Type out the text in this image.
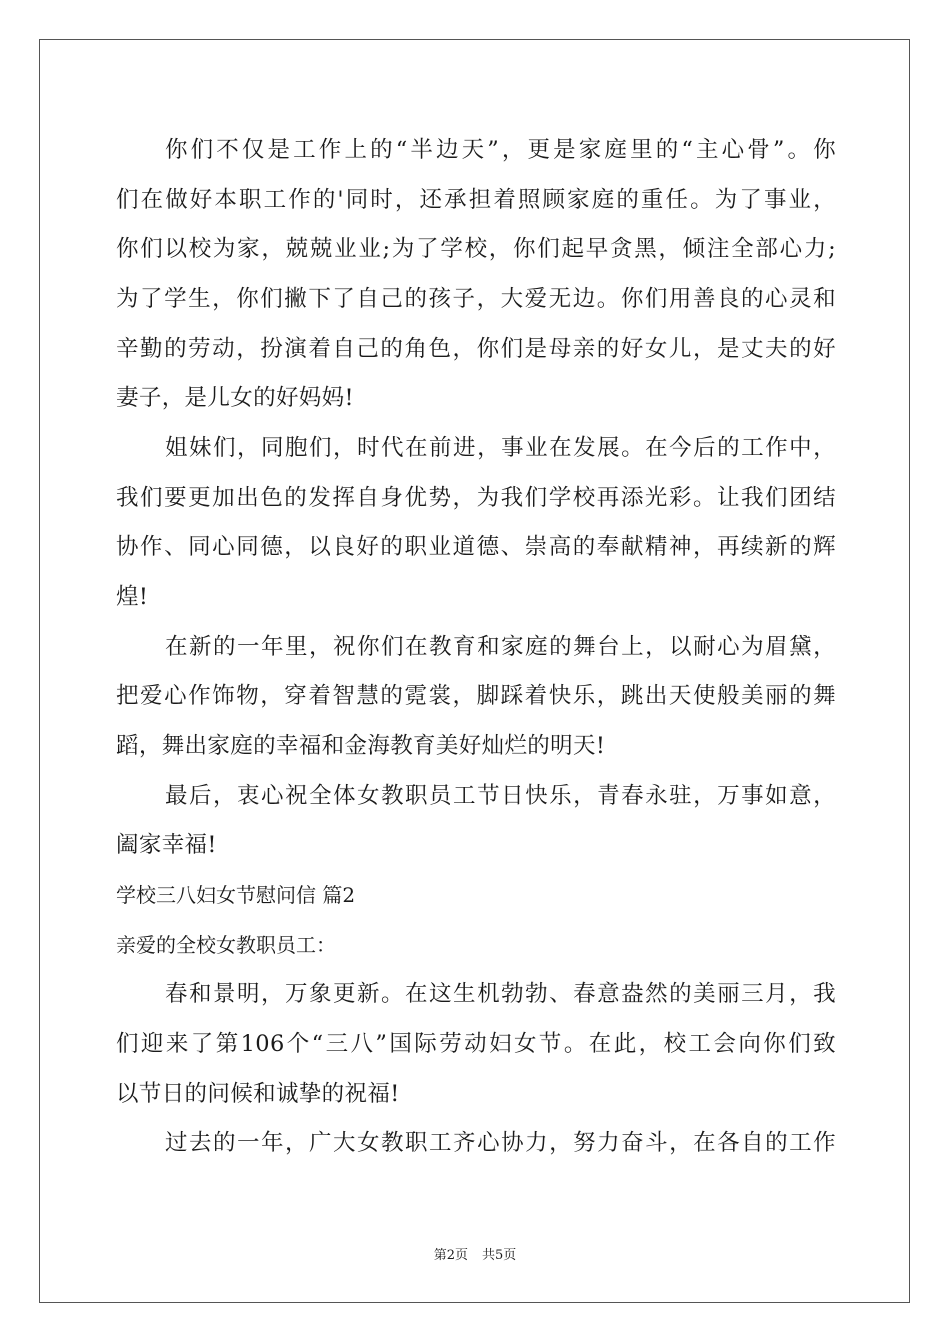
你们不仅是工作上的“半边天”，更是家庭里的“主心骨”。你
们在做好本职工作的'同时，还承担着照顾家庭的重任。为了事业，
你们以校为家，兢兢业业;为了学校，你们起早贪黑，倾注全部心力;
为了学生，你们撇下了自己的孩子，大爱无边。你们用善良的心灵和
辛勤的劳动，扮演着自己的角色，你们是母亲的好女儿，是丈夫的好
妻子，是儿女的好妈妈!
姐妹们，同胞们，时代在前进，事业在发展。在今后的工作中，
我们要更加出色的发挥自身优势，为我们学校再添光彩。让我们团结
协作、同心同德，以良好的职业道德、崇高的奉献精神，再续新的辉
煌!
在新的一年里，祝你们在教育和家庭的舞台上，以耐心为眉黛，
把爱心作饰物，穿着智慧的霓裳，脚踩着快乐，跳出天使般美丽的舞
蹈，舞出家庭的幸福和金海教育美好灿烂的明天!
最后，衷心祝全体女教职员工节日快乐，青春永驻，万事如意，
阖家幸福!
学校三八妇女节慰问信 篇2
亲爱的全校女教职员工：
春和景明，万象更新。在这生机勃勃、春意盎然的美丽三月，我
们迎来了第106个“三八”国际劳动妇女节。在此，校工会向你们致
以节日的问候和诚挚的祝福!
过去的一年，广大女教职工齐心协力，努力奋斗，在各自的工作
第2页 共5页
